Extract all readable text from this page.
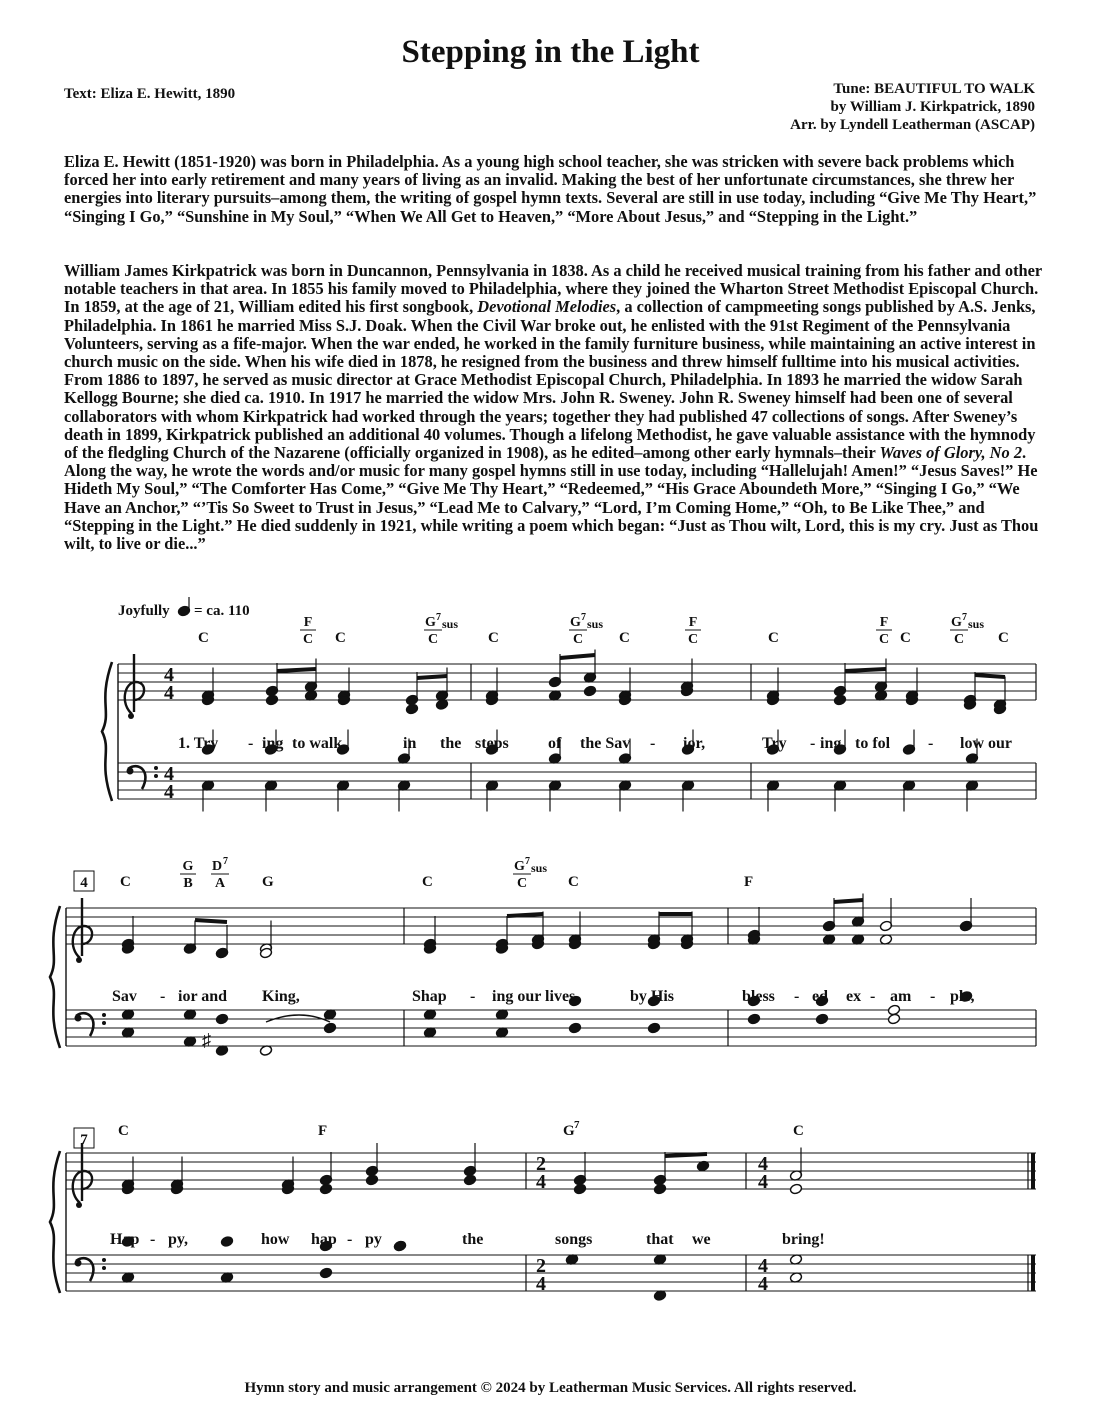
Stepping in the Light
Text: Eliza E. Hewitt, 1890	Tune: BEAUTIFUL TO WALK
by William J. Kirkpatrick, 1890
Arr. by Lyndell Leatherman (ASCAP)
Eliza E. Hewitt (1851-1920) was born in Philadelphia. As a young high school teacher, she was stricken with severe back problems which forced her into early retirement and many years of living as an invalid. Making the best of her unfortunate circumstances, she threw her energies into literary pursuits–among them, the writing of gospel hymn texts. Several are still in use today, including “Give Me Thy Heart,” “Singing I Go,” “Sunshine in My Soul,” “When We All Get to Heaven,” “More About Jesus,” and “Stepping in the Light.”
William James Kirkpatrick was born in Duncannon, Pennsylvania in 1838. As a child he received musical training from his father and other notable teachers in that area. In 1855 his family moved to Philadelphia, where they joined the Wharton Street Methodist Episcopal Church. In 1859, at the age of 21, William edited his first songbook, Devotional Melodies, a collection of campmeeting songs published by A.S. Jenks, Philadelphia. In 1861 he married Miss S.J. Doak. When the Civil War broke out, he enlisted with the 91st Regiment of the Pennsylvania Volunteers, serving as a fife-major. When the war ended, he worked in the family furniture business, while maintaining an active interest in church music on the side. When his wife died in 1878, he resigned from the business and threw himself fulltime into his musical activities. From 1886 to 1897, he served as music director at Grace Methodist Episcopal Church, Philadelphia. In 1893 he married the widow Sarah Kellogg Bourne; she died ca. 1910. In 1917 he married the widow Mrs. John R. Sweney. John R. Sweney himself had been one of several collaborators with whom Kirkpatrick had worked through the years; together they had published 47 collections of songs. After Sweney’s death in 1899, Kirkpatrick published an additional 40 volumes. Though a lifelong Methodist, he gave valuable assistance with the hymnody of the fledgling Church of the Nazarene (officially organized in 1908), as he edited–among other early hymnals–their Waves of Glory, No 2. Along the way, he wrote the words and/or music for many gospel hymns still in use today, including “Hallelujah! Amen!” “Jesus Saves!” He Hideth My Soul,” “The Comforter Has Come,” “Give Me Thy Heart,” “Redeemed,” “His Grace Aboundeth More,” “Singing I Go,” “We Have an Anchor,” “’Tis So Sweet to Trust in Jesus,” “Lead Me to Calvary,” “Lord, I’m Coming Home,” “Oh, to Be Like Thee,” and “Stepping in the Light.” He died suddenly in 1921, while writing a poem which began: “Just as Thou wilt, Lord, this is my cry. Just as Thou wilt, to live or die...”
Joyfully = ca. 110
4
4
4
4
C
F
C C
G 7 sus
C	C
G 7 sus
C C
F
C	C
F
C C
G 7 sus
C C
1. Try - ing to walk	in the steps of the Sav - ior,	Try - ing to fol - low our
4 C
G
B
D 7
A G	C
G 7 sus
C	C	F
♯
Sav - ior and King,	Shap - ing our lives	by His	bless - ed ex - am - ple,
7
2
4
2
4
4
4
4
4
C	F	G 7	C
Hap - py,	how hap - py	the	songs	that we	bring!
Hymn story and music arrangement © 2024 by Leatherman Music Services. All rights reserved.
